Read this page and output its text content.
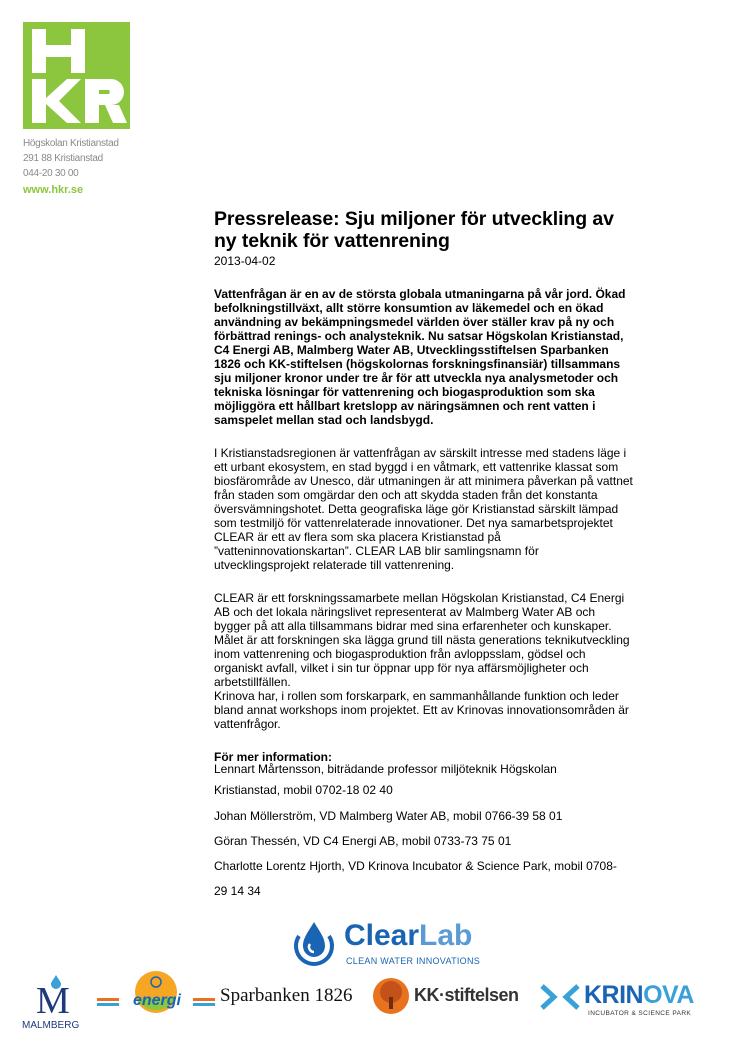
Högskolan Kristianstad
291 88 Kristianstad
044-20 30 00
www.hkr.se
Pressrelease: Sju miljoner för utveckling av ny teknik för vattenrening
2013-04-02

Vattenfrågan är en av de största globala utmaningarna på vår jord. Ökad befolkningstillväxt, allt större konsumtion av läkemedel och en ökad användning av bekämpningsmedel världen över ställer krav på ny och förbättrad renings- och analysteknik. Nu satsar Högskolan Kristianstad, C4 Energi AB, Malmberg Water AB, Utvecklingsstiftelsen Sparbanken 1826 och KK-stiftelsen (högskolornas forskningsfinansiär) tillsammans sju miljoner kronor under tre år för att utveckla nya analysmetoder och tekniska lösningar för vattenrening och biogasproduktion som ska möjliggöra ett hållbart kretslopp av näringsämnen och rent vatten i samspelet mellan stad och landsbygd.

I Kristianstadsregionen är vattenfrågan av särskilt intresse med stadens läge i ett urbant ekosystem, en stad byggd i en våtmark, ett vattenrike klassat som biosfärområde av Unesco, där utmaningen är att minimera påverkan på vattnet från staden som omgärdar den och att skydda staden från det konstanta översvämningshotet. Detta geografiska läge gör Kristianstad särskilt lämpad som testmiljö för vattenrelaterade innovationer. Det nya samarbetsprojektet CLEAR är ett av flera som ska placera Kristianstad på ”vatteninnovationskartan”. CLEAR LAB blir samlingsnamn för utvecklingsprojekt relaterade till vattenrening.

CLEAR är ett forskningssamarbete mellan Högskolan Kristianstad, C4 Energi AB och det lokala näringslivet representerat av Malmberg Water AB och bygger på att alla tillsammans bidrar med sina erfarenheter och kunskaper. Målet är att forskningen ska lägga grund till nästa generations teknikutveckling inom vattenrening och biogasproduktion från avloppsslam, gödsel och organiskt avfall, vilket i sin tur öppnar upp för nya affärsmöjligheter och arbetstillfällen.

Krinova har, i rollen som forskarpark, en sammanhållande funktion och leder bland annat workshops inom projektet. Ett av Krinovas innovationsområden är vattenfrågor.

För mer information:
Lennart Mårtensson, biträdande professor miljöteknik Högskolan
Kristianstad, mobil 0702-18 02 40
Johan Möllerström, VD Malmberg Water AB, mobil 0766-39 58 01
Göran Thessén, VD C4 Energi AB, mobil 0733-73 75 01
Charlotte Lorentz Hjorth, VD Krinova Incubator & Science Park, mobil 0708-
29 14 34
ClearLab
CLEAN WATER INNOVATIONS
M
MALMBERG
energi	Sparbanken 1826	KK·stiftelsen	KRINOVA
INCUBATOR & SCIENCE PARK
